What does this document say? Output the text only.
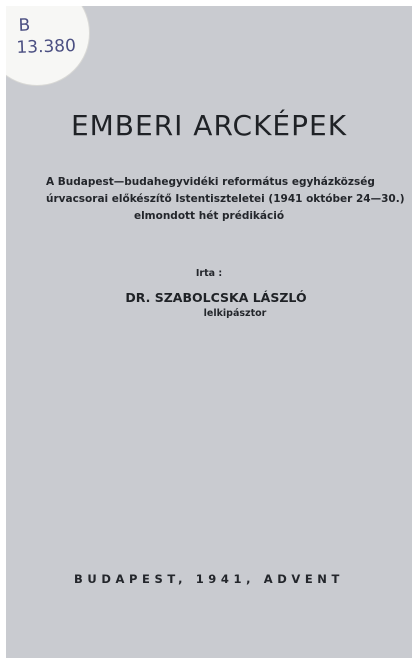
B
13.380
EMBERI ARCKÉPEK
A Budapest—budahegyvidéki református egyházközség
úrvacsorai előkészítő Istentiszteletei (1941 október 24—30.)
elmondott hét prédikáció
Irta :
DR. SZABOLCSKA LÁSZLÓ
lelkipásztor
BUDAPEST, 1941, ADVENT
